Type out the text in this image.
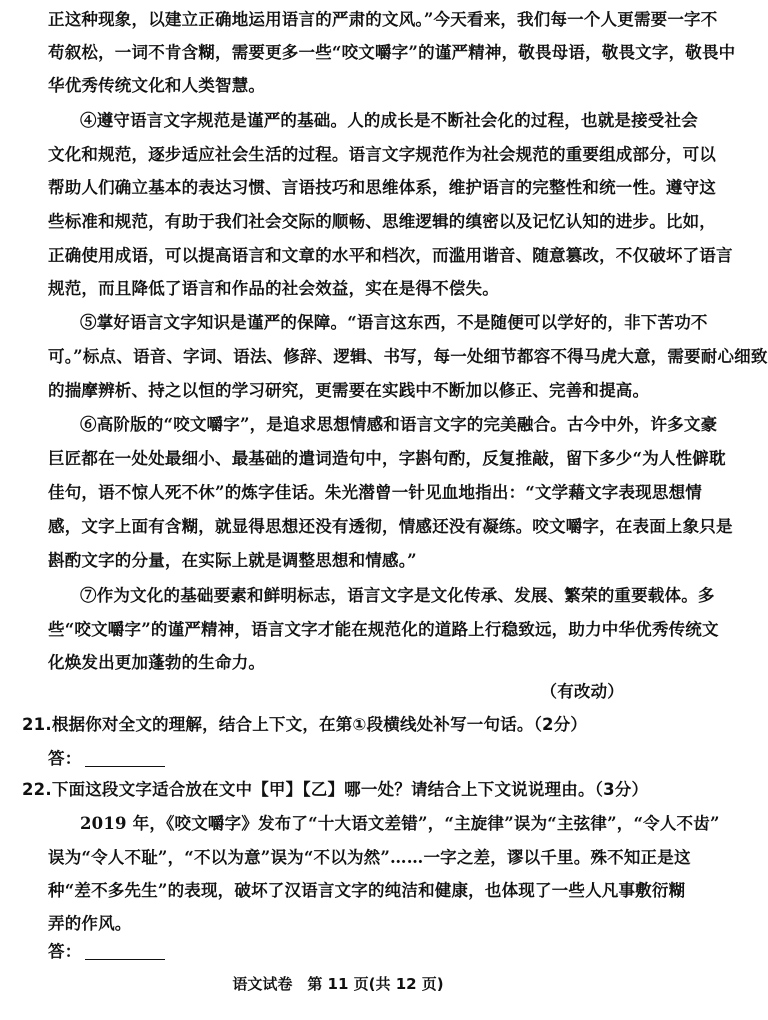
正这种现象，以建立正确地运用语言的严肃的文风。”今天看来，我们每一个人更需要一字不
苟叙松，一词不肯含糊，需要更多一些“咬文嚼字”的谨严精神，敬畏母语，敬畏文字，敬畏中
华优秀传统文化和人类智慧。
④遵守语言文字规范是谨严的基础。人的成长是不断社会化的过程，也就是接受社会
文化和规范，逐步适应社会生活的过程。语言文字规范作为社会规范的重要组成部分，可以
帮助人们确立基本的表达习惯、言语技巧和思维体系，维护语言的完整性和统一性。遵守这
些标准和规范，有助于我们社会交际的顺畅、思维逻辑的缜密以及记忆认知的进步。比如，
正确使用成语，可以提高语言和文章的水平和档次，而滥用谐音、随意篡改，不仅破坏了语言
规范，而且降低了语言和作品的社会效益，实在是得不偿失。
⑤掌好语言文字知识是谨严的保障。“语言这东西，不是随便可以学好的，非下苦功不
可。”标点、语音、字词、语法、修辞、逻辑、书写，每一处细节都容不得马虎大意，需要耐心细致
的揣摩辨析、持之以恒的学习研究，更需要在实践中不断加以修正、完善和提高。
⑥高阶版的“咬文嚼字”，是追求思想情感和语言文字的完美融合。古今中外，许多文豪
巨匠都在一处处最细小、最基础的遣词造句中，字斟句酌，反复推敲，留下多少“为人性僻耽
佳句，语不惊人死不休”的炼字佳话。朱光潜曾一针见血地指出：“文学藉文字表现思想情
感，文字上面有含糊，就显得思想还没有透彻，情感还没有凝练。咬文嚼字，在表面上象只是
斟酌文字的分量，在实际上就是调整思想和情感。”
⑦作为文化的基础要素和鲜明标志，语言文字是文化传承、发展、繁荣的重要载体。多
些“咬文嚼字”的谨严精神，语言文字才能在规范化的道路上行稳致远，助力中华优秀传统文
化焕发出更加蓬勃的生命力。
（有改动）
21.根据你对全文的理解，结合上下文，在第①段横线处补写一句话。（2分）
答：
22.下面这段文字适合放在文中【甲】【乙】哪一处？请结合上下文说说理由。（3分）
2019 年，《咬文嚼字》发布了“十大语文差错”，“主旋律”误为“主弦律”，“令人不齿”
误为“令人不耻”，“不以为意”误为“不以为然”……一字之差，谬以千里。殊不知正是这
种“差不多先生”的表现，破坏了汉语言文字的纯洁和健康，也体现了一些人凡事敷衍糊
弄的作风。
答：
语文试卷　第 11 页(共 12 页)
